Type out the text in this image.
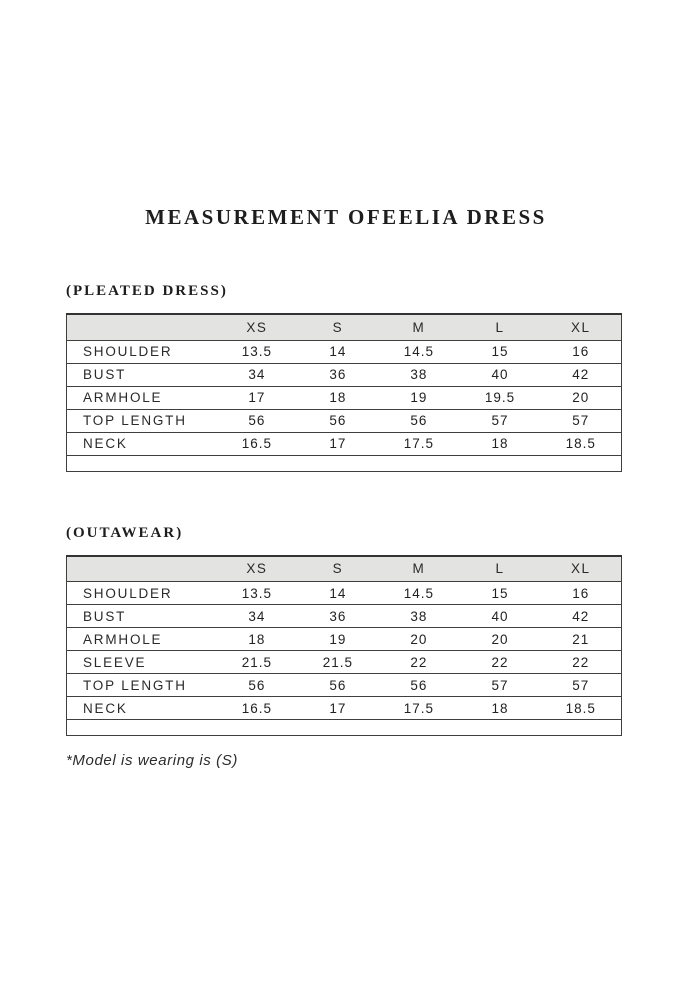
MEASUREMENT OFEELIA DRESS
(PLEATED DRESS)
	XS	S	M	L	XL
SHOULDER	13.5	14	14.5	15	16
BUST	34	36	38	40	42
ARMHOLE	17	18	19	19.5	20
TOP LENGTH	56	56	56	57	57
NECK	16.5	17	17.5	18	18.5

(OUTAWEAR)
	XS	S	M	L	XL
SHOULDER	13.5	14	14.5	15	16
BUST	34	36	38	40	42
ARMHOLE	18	19	20	20	21
SLEEVE	21.5	21.5	22	22	22
TOP LENGTH	56	56	56	57	57
NECK	16.5	17	17.5	18	18.5

*Model is wearing is (S)
